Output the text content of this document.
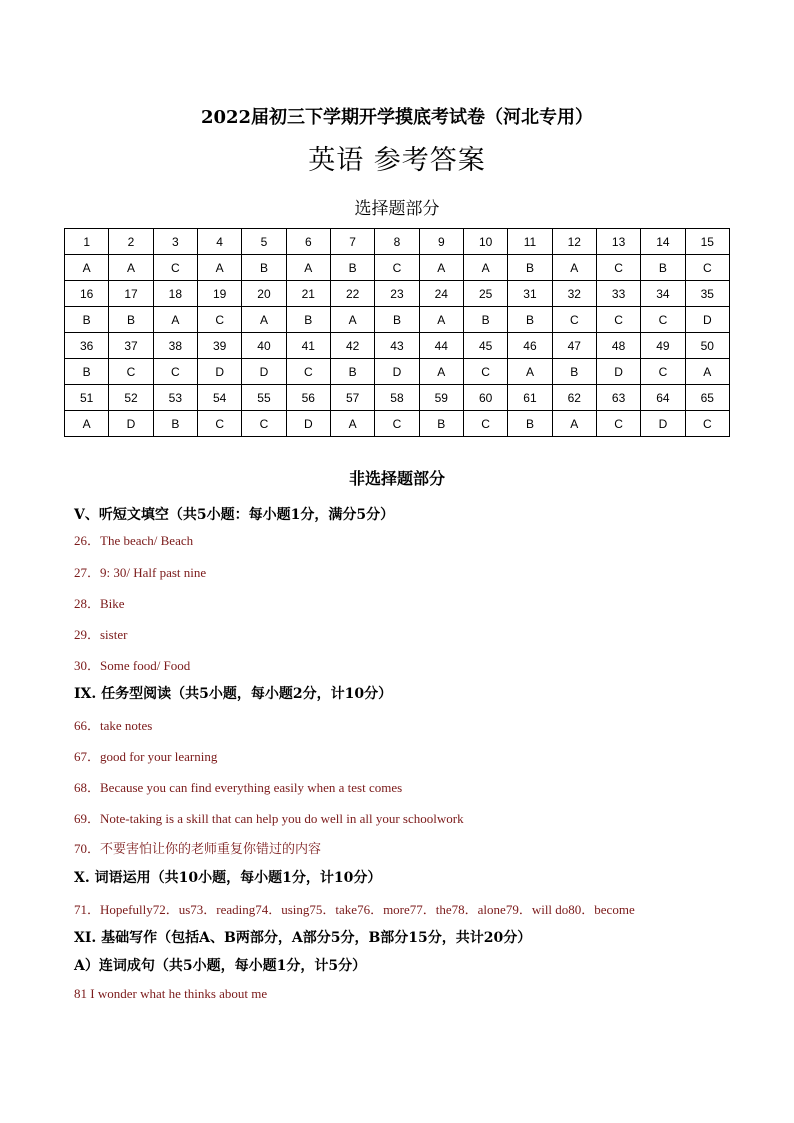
2022届初三下学期开学摸底考试卷（河北专用）
英语 参考答案
选择题部分
1	2	3	4	5	6	7	8	9	10	11	12	13	14	15
A	A	C	A	B	A	B	C	A	A	B	A	C	B	C
16	17	18	19	20	21	22	23	24	25	31	32	33	34	35
B	B	A	C	A	B	A	B	A	B	B	C	C	C	D
36	37	38	39	40	41	42	43	44	45	46	47	48	49	50
B	C	C	D	D	C	B	D	A	C	A	B	D	C	A
51	52	53	54	55	56	57	58	59	60	61	62	63	64	65
A	D	B	C	C	D	A	C	B	C	B	A	C	D	C
非选择题部分
V、听短文填空（共5小题：每小题1分，满分5分）
26．The beach/ Beach
27．9: 30/ Half past nine
28．Bike
29．sister
30．Some food/ Food
IX. 任务型阅读（共5小题，每小题2分，计10分）
66．take notes
67．good for your learning
68．Because you can find everything easily when a test comes
69．Note-taking is a skill that can help you do well in all your schoolwork
70．不要害怕让你的老师重复你错过的内容
X. 词语运用（共10小题，每小题1分，计10分）
71．Hopefully72．us73．reading74．using75．take76．more77．the78．alone79．will do80．become
XI. 基础写作（包括A、B两部分，A部分5分，B部分15分，共计20分）
A）连词成句（共5小题，每小题1分，计5分）
81 I wonder what he thinks about me
